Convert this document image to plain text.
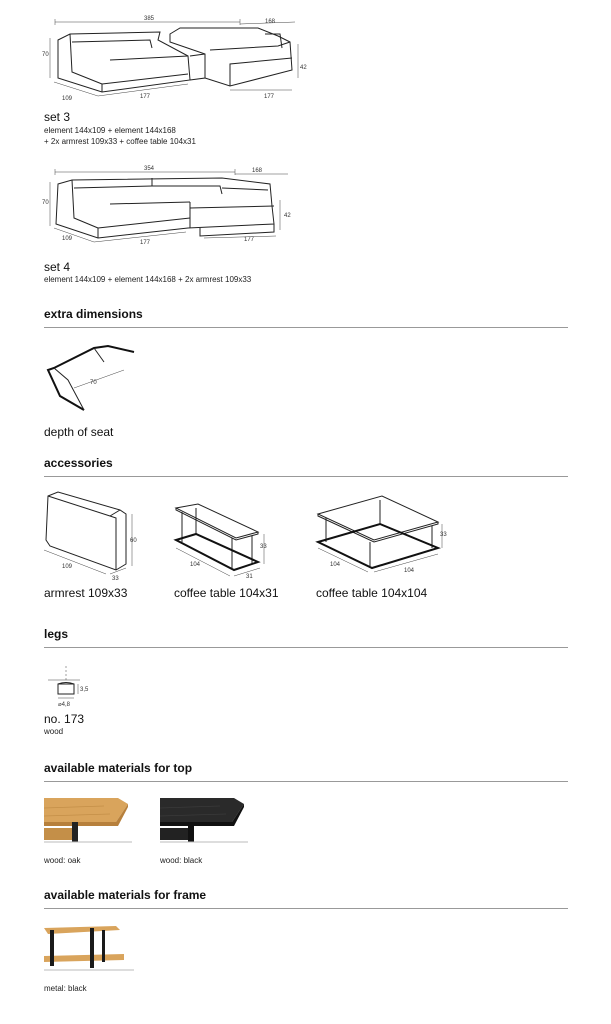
385	168
70
42
109	177	177
set 3
element 144x109 + element 144x168
+ 2x armrest 109x33 + coffee table 104x31
354	168
70
42
109
177	177
set 4
element 144x109 + element 144x168 + 2x armrest 109x33
extra dimensions
70
depth of seat
accessories
109
33
60
armrest 109x33
33
104
31
coffee table 104x31
33
104
104
coffee table 104x104
legs
3,5
⌀4,8
no. 173
wood
available materials for top
wood: oak	wood: black
available materials for frame
metal: black
